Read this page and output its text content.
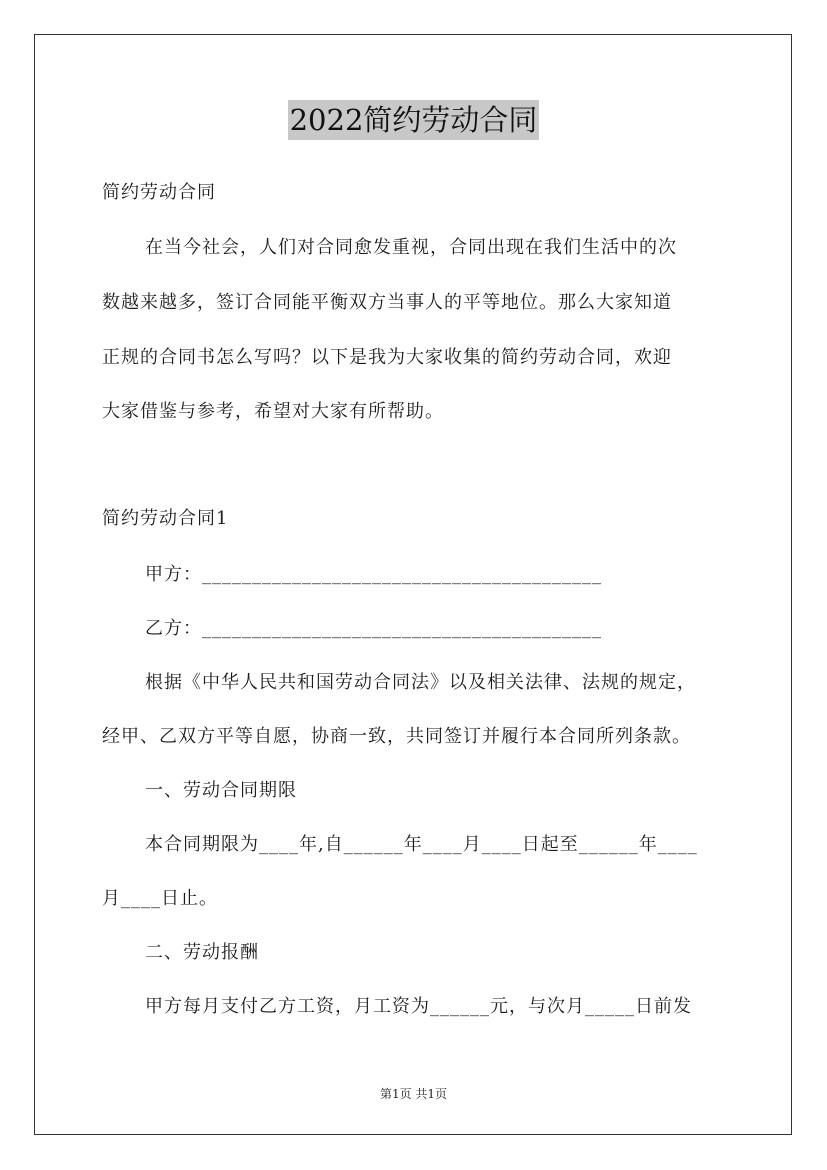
2022简约劳动合同
简约劳动合同
在当今社会，人们对合同愈发重视，合同出现在我们生活中的次
数越来越多，签订合同能平衡双方当事人的平等地位。那么大家知道
正规的合同书怎么写吗？以下是我为大家收集的简约劳动合同，欢迎
大家借鉴与参考，希望对大家有所帮助。
简约劳动合同1
甲方：________________________________________
乙方：________________________________________
根据《中华人民共和国劳动合同法》以及相关法律、法规的规定，
经甲、乙双方平等自愿，协商一致，共同签订并履行本合同所列条款。
一、劳动合同期限
本合同期限为____年,自______年____月____日起至______年____
月____日止。
二、劳动报酬
甲方每月支付乙方工资，月工资为______元，与次月_____日前发
第1页 共1页
